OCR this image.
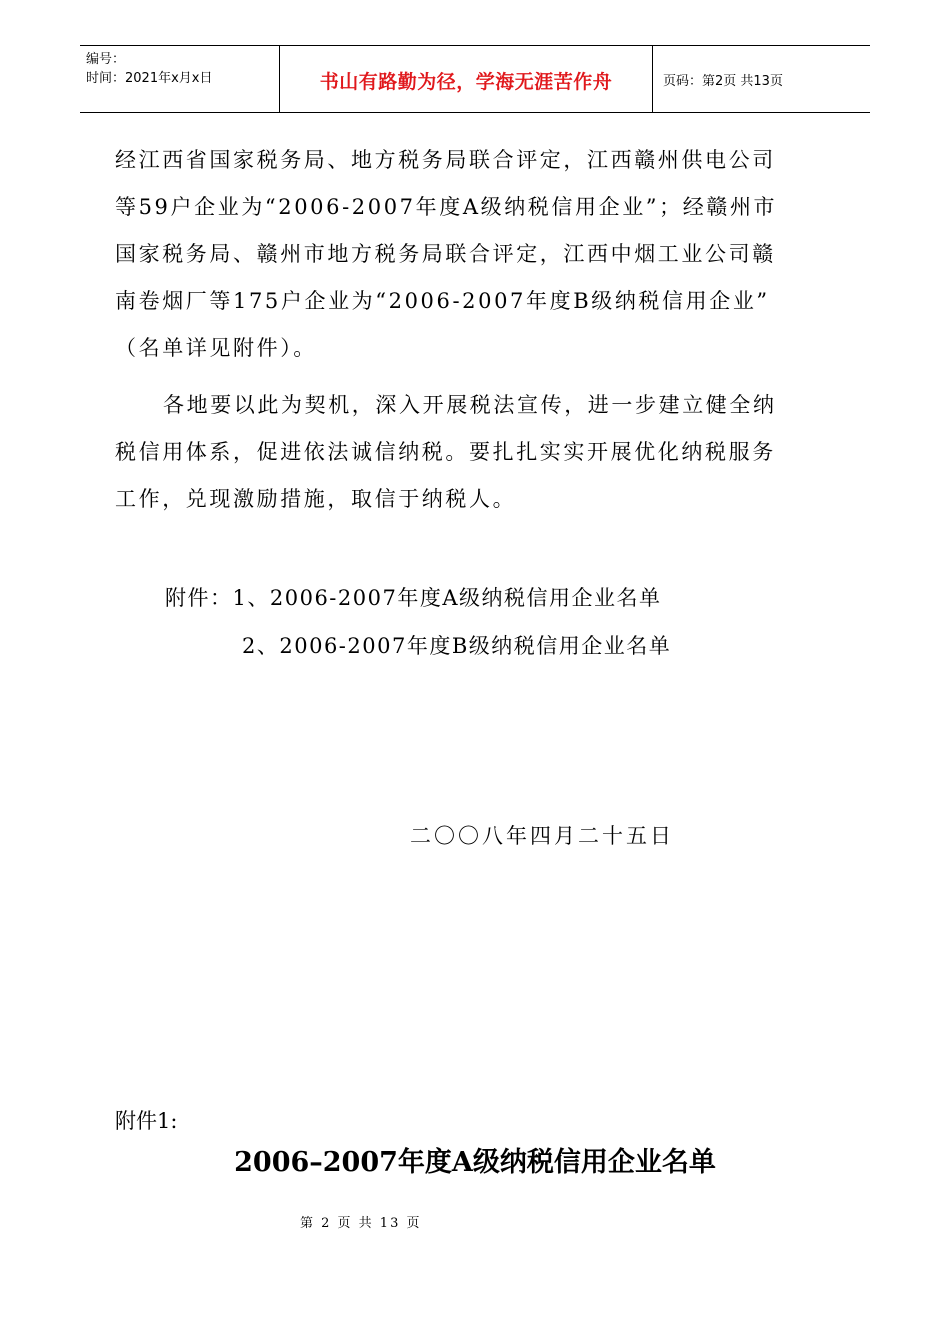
编号：
时间：2021年x月x日	书山有路勤为径，学海无涯苦作舟	页码：第2页 共13页
经江西省国家税务局、地方税务局联合评定，江西赣州供电公司
等59户企业为“2006-2007年度A级纳税信用企业”；经赣州市
国家税务局、赣州市地方税务局联合评定，江西中烟工业公司赣
南卷烟厂等175户企业为“2006-2007年度B级纳税信用企业”
（名单详见附件）。
各地要以此为契机，深入开展税法宣传，进一步建立健全纳
税信用体系，促进依法诚信纳税。要扎扎实实开展优化纳税服务
工作，兑现激励措施，取信于纳税人。
附件：1、2006-2007年度A级纳税信用企业名单
2、2006-2007年度B级纳税信用企业名单
二〇〇八年四月二十五日
附件1:
2006–2007年度A级纳税信用企业名单
第 2 页 共 13 页
